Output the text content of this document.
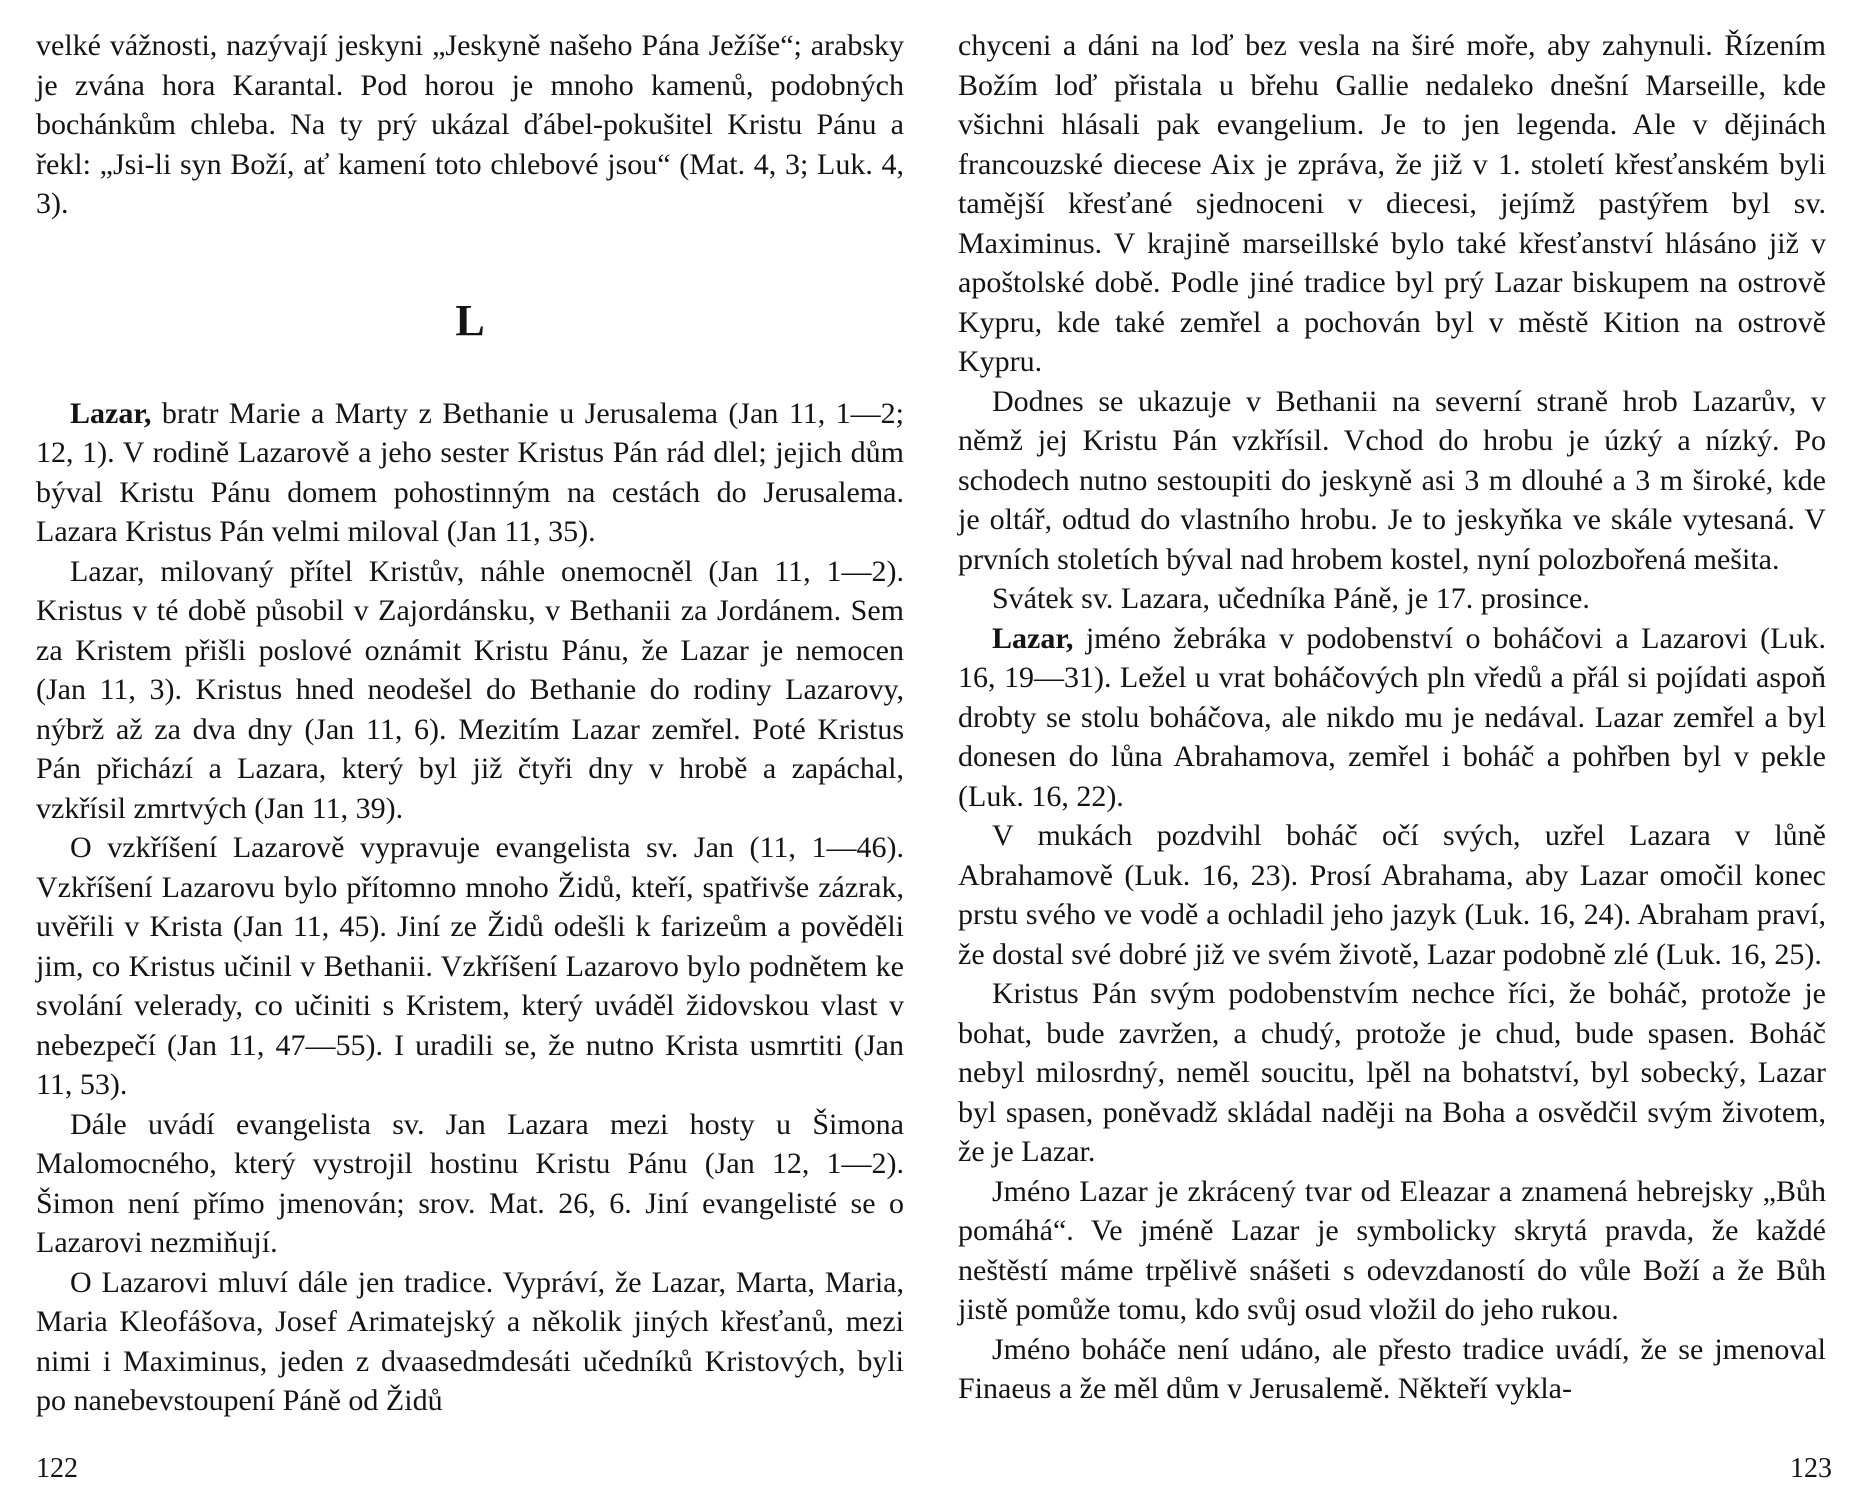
velké vážnosti, nazývají jeskyni „Jeskyně našeho Pána Ježíše“; arabsky je zvána hora Karantal. Pod horou je mnoho kamenů, podobných bochánkům chleba. Na ty prý ukázal ďábel-pokušitel Kristu Pánu a řekl: „Jsi-li syn Boží, ať kamení toto chlebové jsou“ (Mat. 4, 3; Luk. 4, 3).

L

Lazar, bratr Marie a Marty z Bethanie u Jerusalema (Jan 11, 1—2; 12, 1). V rodině Lazarově a jeho sester Kristus Pán rád dlel; jejich dům býval Kristu Pánu domem pohostinným na cestách do Jerusalema. Lazara Kristus Pán velmi miloval (Jan 11, 35).

Lazar, milovaný přítel Kristův, náhle onemocněl (Jan 11, 1—2). Kristus v té době působil v Zajordánsku, v Bethanii za Jordánem. Sem za Kristem přišli poslové oznámit Kristu Pánu, že Lazar je nemocen (Jan 11, 3). Kristus hned neodešel do Bethanie do rodiny Lazarovy, nýbrž až za dva dny (Jan 11, 6). Mezitím Lazar zemřel. Poté Kristus Pán přichází a Lazara, který byl již čtyři dny v hrobě a zapáchal, vzkřísil zmrtvých (Jan 11, 39).

O vzkříšení Lazarově vypravuje evangelista sv. Jan (11, 1—46). Vzkříšení Lazarovu bylo přítomno mnoho Židů, kteří, spatřivše zázrak, uvěřili v Krista (Jan 11, 45). Jiní ze Židů odešli k farizeům a pověděli jim, co Kristus učinil v Bethanii. Vzkříšení Lazarovo bylo podnětem ke svolání velerady, co učiniti s Kristem, který uváděl židovskou vlast v nebezpečí (Jan 11, 47—55). I uradili se, že nutno Krista usmrtiti (Jan 11, 53).

Dále uvádí evangelista sv. Jan Lazara mezi hosty u Šimona Malomocného, který vystrojil hostinu Kristu Pánu (Jan 12, 1—2). Šimon není přímo jmenován; srov. Mat. 26, 6. Jiní evangelisté se o Lazarovi nezmiňují.

O Lazarovi mluví dále jen tradice. Vypráví, že Lazar, Marta, Maria, Maria Kleofášova, Josef Arimatejský a několik jiných křesťanů, mezi nimi i Maximinus, jeden z dvaasedmdesáti učedníků Kristových, byli po nanebevstoupení Páně od Židů

122

chyceni a dáni na loď bez vesla na širé moře, aby zahynuli. Řízením Božím loď přistala u břehu Gallie nedaleko dnešní Marseille, kde všichni hlásali pak evangelium. Je to jen legenda. Ale v dějinách francouzské diecese Aix je zpráva, že již v 1. století křesťanském byli tamější křesťané sjednoceni v diecesi, jejímž pastýřem byl sv. Maximinus. V krajině marseillské bylo také křesťanství hlásáno již v apoštolské době. Podle jiné tradice byl prý Lazar biskupem na ostrově Kypru, kde také zemřel a pochován byl v městě Kition na ostrově Kypru.

Dodnes se ukazuje v Bethanii na severní straně hrob Lazarův, v němž jej Kristu Pán vzkřísil. Vchod do hrobu je úzký a nízký. Po schodech nutno sestoupiti do jeskyně asi 3 m dlouhé a 3 m široké, kde je oltář, odtud do vlastního hrobu. Je to jeskyňka ve skále vytesaná. V prvních stoletích býval nad hrobem kostel, nyní polozbořená mešita.

Svátek sv. Lazara, učedníka Páně, je 17. prosince.

Lazar, jméno žebráka v podobenství o boháčovi a Lazarovi (Luk. 16, 19—31). Ležel u vrat boháčových pln vředů a přál si pojídati aspoň drobty se stolu boháčova, ale nikdo mu je nedával. Lazar zemřel a byl donesen do lůna Abrahamova, zemřel i boháč a pohřben byl v pekle (Luk. 16, 22).

V mukách pozdvihl boháč očí svých, uzřel Lazara v lůně Abrahamově (Luk. 16, 23). Prosí Abrahama, aby Lazar omočil konec prstu svého ve vodě a ochladil jeho jazyk (Luk. 16, 24). Abraham praví, že dostal své dobré již ve svém životě, Lazar podobně zlé (Luk. 16, 25).

Kristus Pán svým podobenstvím nechce říci, že boháč, protože je bohat, bude zavržen, a chudý, protože je chud, bude spasen. Boháč nebyl milosrdný, neměl soucitu, lpěl na bohatství, byl sobecký, Lazar byl spasen, poněvadž skládal naději na Boha a osvědčil svým životem, že je Lazar.

Jméno Lazar je zkrácený tvar od Eleazar a znamená hebrejsky „Bůh pomáhá“. Ve jméně Lazar je symbolicky skrytá pravda, že každé neštěstí máme trpělivě snášeti s odevzdaností do vůle Boží a že Bůh jistě pomůže tomu, kdo svůj osud vložil do jeho rukou.

Jméno boháče není udáno, ale přesto tradice uvádí, že se jmenoval Finaeus a že měl dům v Jerusalemě. Někteří vykla-

123
